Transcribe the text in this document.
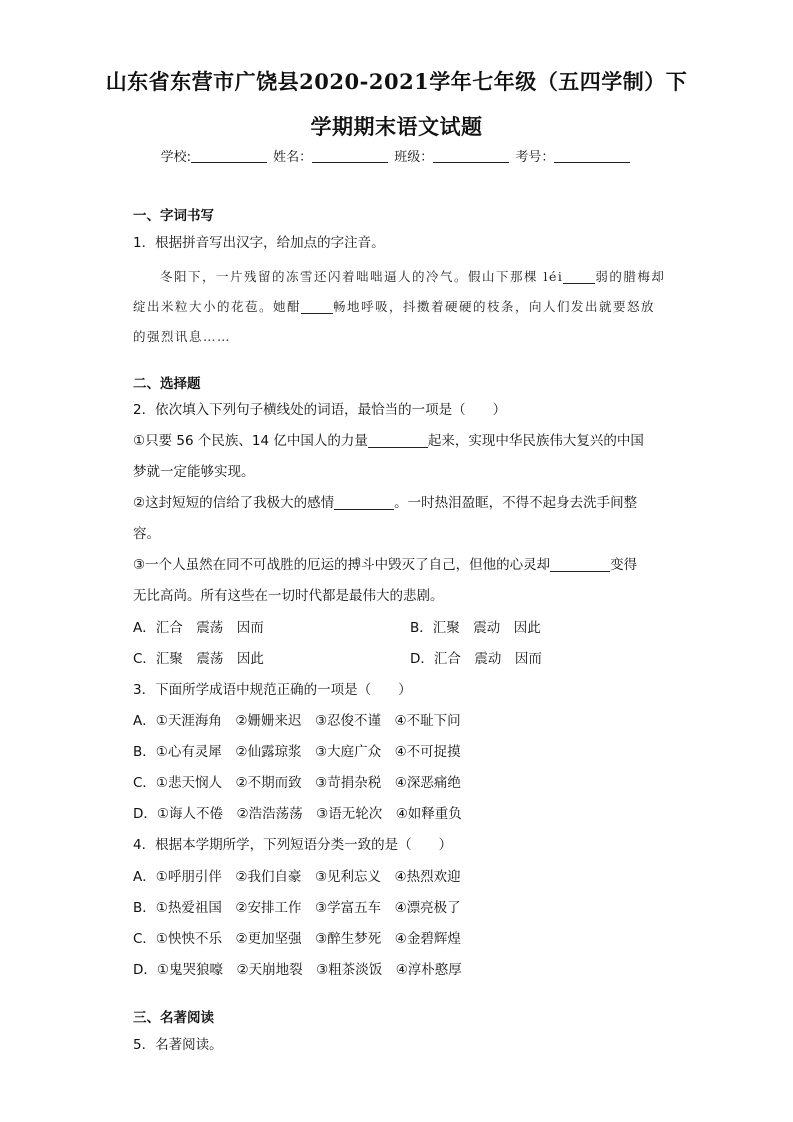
山东省东营市广饶县2020-2021学年七年级（五四学制）下
学期期末语文试题
学校:	姓名：	班级：	考号：
一、字词书写
1．根据拼音写出汉字，给加点的字注音。
冬阳下，一片残留的冻雪还闪着咄咄逼人的冷气。假山下那棵 léi	弱的腊梅却
绽出米粒大小的花苞。她酣	畅地呼吸，抖擞着硬硬的枝条，向人们发出就要怒放
的强烈讯息……
二、选择题
2．依次填入下列句子横线处的词语，最恰当的一项是（　　）
①只要 56 个民族、14 亿中国人的力量	起来，实现中华民族伟大复兴的中国
梦就一定能够实现。
②这封短短的信给了我极大的感情	。一时热泪盈眶，不得不起身去洗手间整
容。
③一个人虽然在同不可战胜的厄运的搏斗中毁灭了自己，但他的心灵却	变得
无比高尚。所有这些在一切时代都是最伟大的悲剧。
A．汇合　震荡　因而	B．汇聚　震动　因此
C．汇聚　震荡　因此	D．汇合　震动　因而
3．下面所学成语中规范正确的一项是（　　）
A．①天涯海角　②姗姗来迟　③忍俊不谨　④不耻下问
B．①心有灵犀　②仙露琼浆　③大庭广众　④不可捉摸
C．①悲天悯人　②不期而致　③苛捐杂税　④深恶痛绝
D．①诲人不倦　②浩浩荡荡　③语无轮次　④如释重负
4．根据本学期所学，下列短语分类一致的是（　　）
A．①呼朋引伴　②我们自豪　③见利忘义　④热烈欢迎
B．①热爱祖国　②安排工作　③学富五车　④漂亮极了
C．①怏怏不乐　②更加坚强　③醉生梦死　④金碧辉煌
D．①鬼哭狼嚎　②天崩地裂　③粗茶淡饭　④淳朴憨厚
三、名著阅读
5．名著阅读。
